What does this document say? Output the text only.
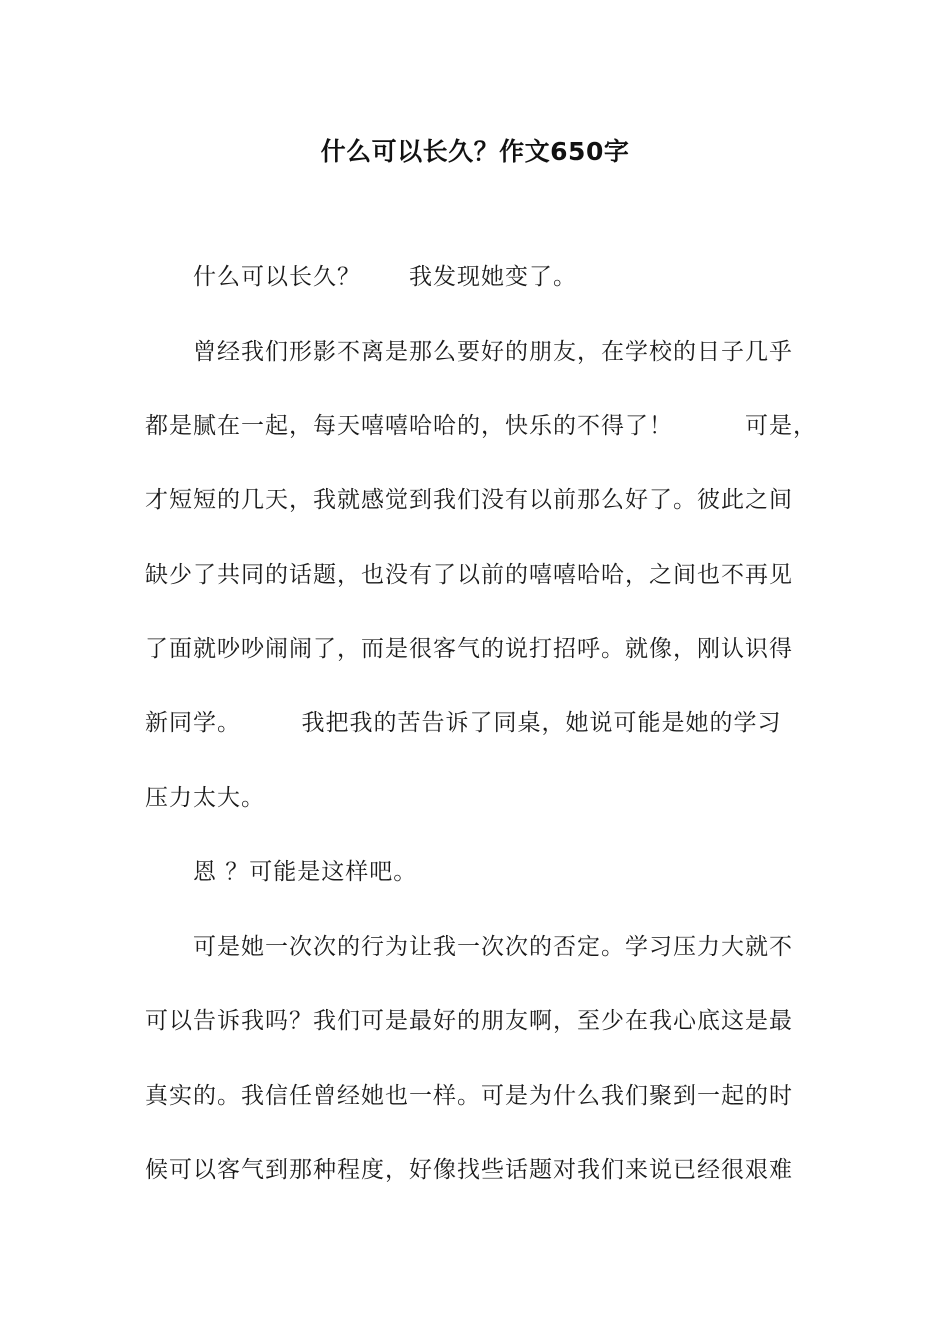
什么可以长久？作文650字
什么可以长久？　　我发现她变了。
曾经我们形影不离是那么要好的朋友，在学校的日子几乎
都是腻在一起，每天嘻嘻哈哈的，快乐的不得了！　　　可是，
才短短的几天，我就感觉到我们没有以前那么好了。彼此之间
缺少了共同的话题，也没有了以前的嘻嘻哈哈，之间也不再见
了面就吵吵闹闹了，而是很客气的说打招呼。就像，刚认识得
新同学。　　　我把我的苦告诉了同桌，她说可能是她的学习
压力太大。
恩 ？可能是这样吧。
可是她一次次的行为让我一次次的否定。学习压力大就不
可以告诉我吗？我们可是最好的朋友啊，至少在我心底这是最
真实的。我信任曾经她也一样。可是为什么我们聚到一起的时
候可以客气到那种程度，好像找些话题对我们来说已经很艰难
